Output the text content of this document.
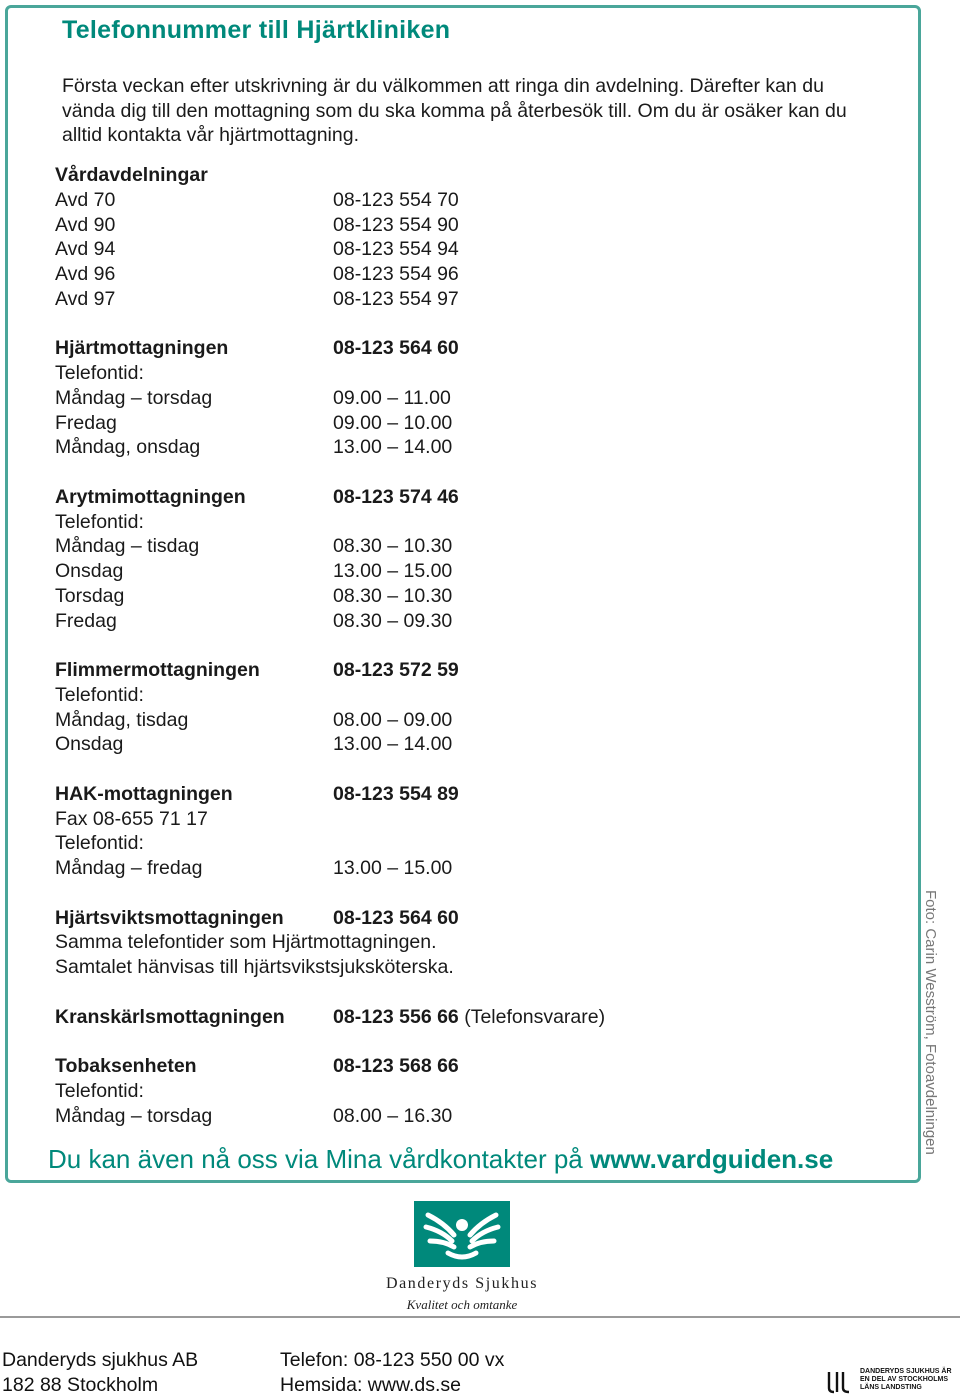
Telefonnummer till Hjärtkliniken

Första veckan efter utskrivning är du välkommen att ringa din avdelning. Därefter kan du vända dig till den mottagning som du ska komma på återbesök till. Om du är osäker kan du alltid kontakta vår hjärtmottagning.

Vårdavdelningar
Avd 70	08-123 554 70
Avd 90	08-123 554 90
Avd 94	08-123 554 94
Avd 96	08-123 554 96
Avd 97	08-123 554 97
Hjärtmottagningen	08-123 564 60
Telefontid:
Måndag – torsdag	09.00 – 11.00
Fredag	09.00 – 10.00
Måndag, onsdag	13.00 – 14.00
Arytmimottagningen	08-123 574 46
Telefontid:
Måndag – tisdag	08.30 – 10.30
Onsdag	13.00 – 15.00
Torsdag	08.30 – 10.30
Fredag	08.30 – 09.30
Flimmermottagningen	08-123 572 59
Telefontid:
Måndag, tisdag	08.00 – 09.00
Onsdag	13.00 – 14.00
HAK-mottagningen	08-123 554 89
Fax 08-655 71 17
Telefontid:
Måndag – fredag	13.00 – 15.00
Hjärtsviktsmottagningen	08-123 564 60
Samma telefontider som Hjärtmottagningen.
Samtalet hänvisas till hjärtsvikstsjuksköterska.
Kranskärlsmottagningen 08-123 556 66 (Telefonsvarare)
Tobaksenheten	08-123 568 66
Telefontid:
Måndag – torsdag	08.00 – 16.30
Du kan även nå oss via Mina vårdkontakter på www.vardguiden.se
Foto: Carin Wesström, Fotoavdelningen
Danderyds Sjukhus
Kvalitet och omtanke
Danderyds sjukhus AB
182 88 Stockholm
Telefon: 08-123 550 00 vx
Hemsida: www.ds.se
DANDERYDS SJUKHUS ÄR
EN DEL AV STOCKHOLMS
LÄNS LANDSTING
